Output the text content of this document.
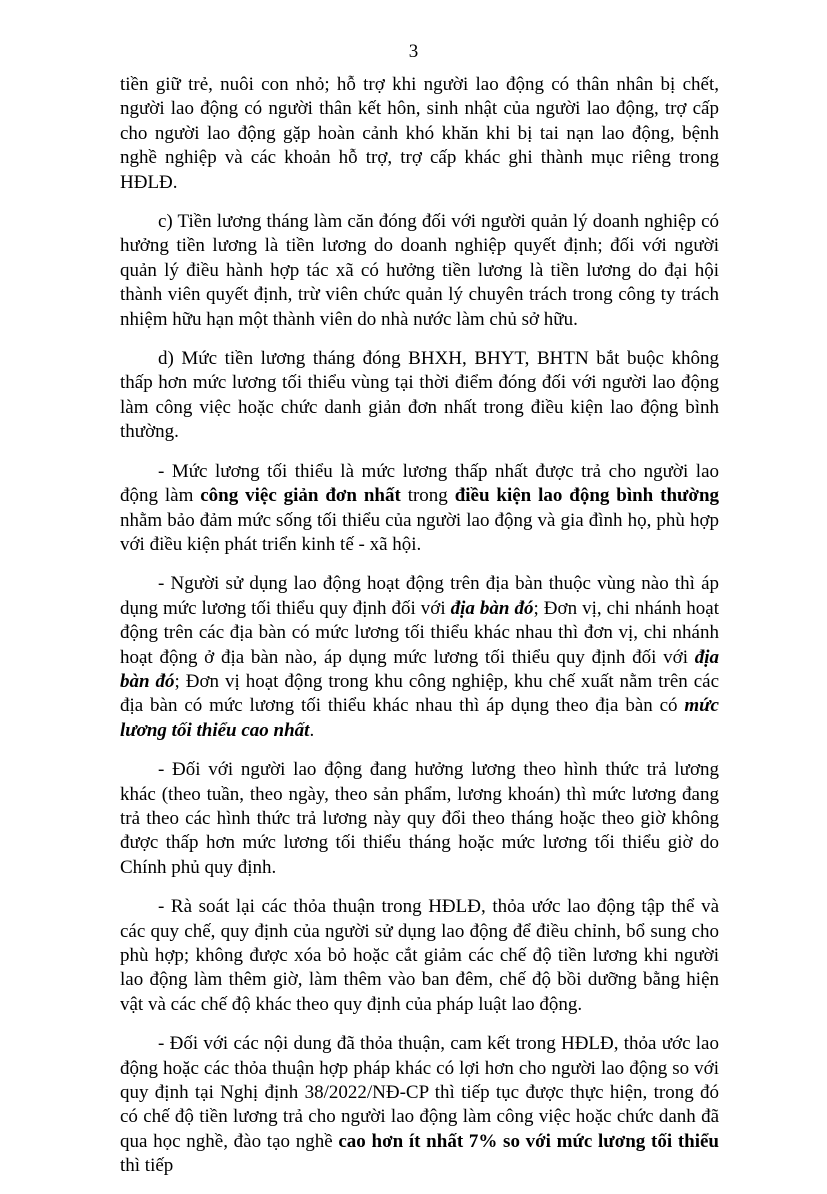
3

tiền giữ trẻ, nuôi con nhỏ; hỗ trợ khi người lao động có thân nhân bị chết, người lao động có người thân kết hôn, sinh nhật của người lao động, trợ cấp cho người lao động gặp hoàn cảnh khó khăn khi bị tai nạn lao động, bệnh nghề nghiệp và các khoản hỗ trợ, trợ cấp khác ghi thành mục riêng trong HĐLĐ.

c) Tiền lương tháng làm căn đóng đối với người quản lý doanh nghiệp có hưởng tiền lương là tiền lương do doanh nghiệp quyết định; đối với người quản lý điều hành hợp tác xã có hưởng tiền lương là tiền lương do đại hội thành viên quyết định, trừ viên chức quản lý chuyên trách trong công ty trách nhiệm hữu hạn một thành viên do nhà nước làm chủ sở hữu.

d) Mức tiền lương tháng đóng BHXH, BHYT, BHTN bắt buộc không thấp hơn mức lương tối thiểu vùng tại thời điểm đóng đối với người lao động làm công việc hoặc chức danh giản đơn nhất trong điều kiện lao động bình thường.

- Mức lương tối thiểu là mức lương thấp nhất được trả cho người lao động làm công việc giản đơn nhất trong điều kiện lao động bình thường nhằm bảo đảm mức sống tối thiểu của người lao động và gia đình họ, phù hợp với điều kiện phát triển kinh tế - xã hội.

- Người sử dụng lao động hoạt động trên địa bàn thuộc vùng nào thì áp dụng mức lương tối thiểu quy định đối với địa bàn đó; Đơn vị, chi nhánh hoạt động trên các địa bàn có mức lương tối thiểu khác nhau thì đơn vị, chi nhánh hoạt động ở địa bàn nào, áp dụng mức lương tối thiểu quy định đối với địa bàn đó; Đơn vị hoạt động trong khu công nghiệp, khu chế xuất nằm trên các địa bàn có mức lương tối thiểu khác nhau thì áp dụng theo địa bàn có mức lương tối thiểu cao nhất.

- Đối với người lao động đang hưởng lương theo hình thức trả lương khác (theo tuần, theo ngày, theo sản phẩm, lương khoán) thì mức lương đang trả theo các hình thức trả lương này quy đổi theo tháng hoặc theo giờ không được thấp hơn mức lương tối thiểu tháng hoặc mức lương tối thiểu giờ do Chính phủ quy định.

- Rà soát lại các thỏa thuận trong HĐLĐ, thỏa ước lao động tập thể và các quy chế, quy định của người sử dụng lao động để điều chỉnh, bổ sung cho phù hợp; không được xóa bỏ hoặc cắt giảm các chế độ tiền lương khi người lao động làm thêm giờ, làm thêm vào ban đêm, chế độ bồi dưỡng bằng hiện vật và các chế độ khác theo quy định của pháp luật lao động.

- Đối với các nội dung đã thỏa thuận, cam kết trong HĐLĐ, thỏa ước lao động hoặc các thỏa thuận hợp pháp khác có lợi hơn cho người lao động so với quy định tại Nghị định 38/2022/NĐ-CP thì tiếp tục được thực hiện, trong đó có chế độ tiền lương trả cho người lao động làm công việc hoặc chức danh đã qua học nghề, đào tạo nghề cao hơn ít nhất 7% so với mức lương tối thiểu thì tiếp
